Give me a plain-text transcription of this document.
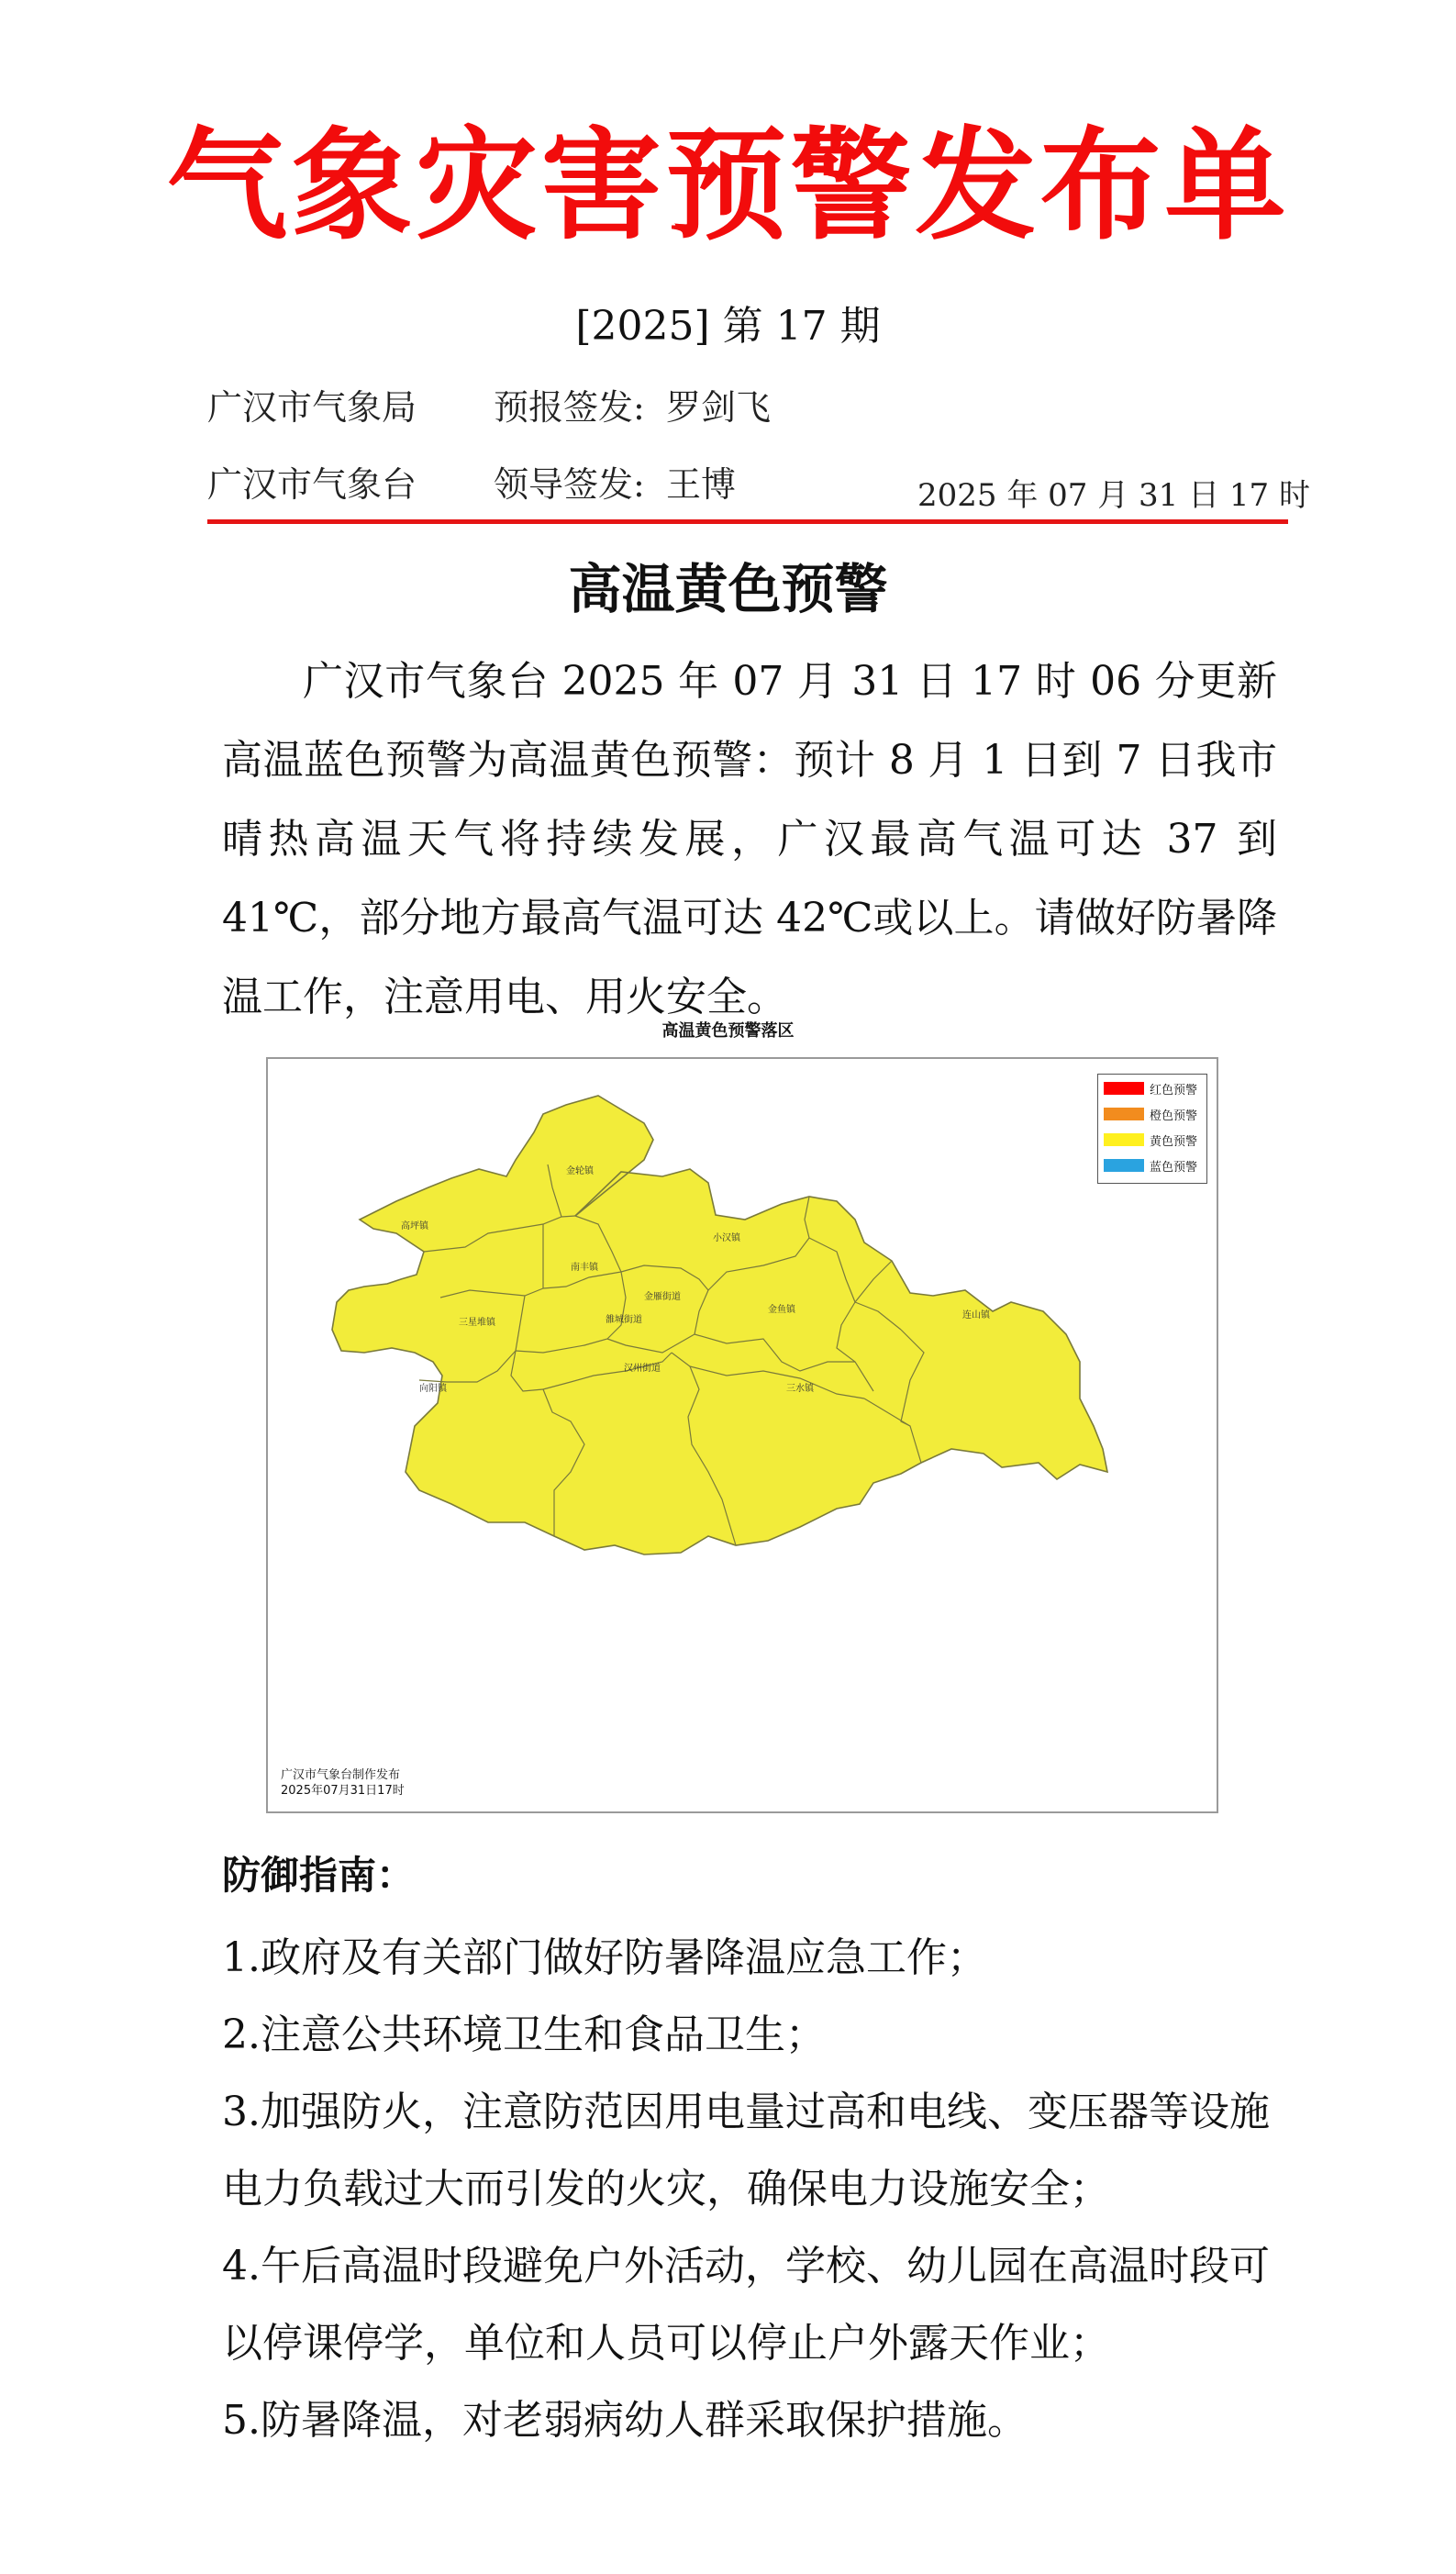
气象灾害预警发布单
[2025] 第 17 期
广汉市气象局 预报签发: 罗剑飞
广汉市气象台 领导签发: 王博	2025 年 07 月 31 日 17 时
高温黄色预警
广汉市气象台 2025 年 07 月 31 日 17 时 06 分更新高温蓝色预警为高温黄色预警：预计 8 月 1 日到 7 日我市晴热高温天气将持续发展，广汉最高气温可达 37 到 41℃，部分地方最高气温可达 42℃或以上。请做好防暑降温工作，注意用电、用火安全。
高温黄色预警落区
金轮镇
高坪镇
小汉镇
南丰镇
金雁街道
金鱼镇
连山镇
三星堆镇	雒城街道
向阳镇
汉州街道
三水镇
红色预警
橙色预警
黄色预警
蓝色预警
广汉市气象台制作发布
2025年07月31日17时
防御指南：
1.政府及有关部门做好防暑降温应急工作；
2.注意公共环境卫生和食品卫生；
3.加强防火，注意防范因用电量过高和电线、变压器等设施电力负载过大而引发的火灾，确保电力设施安全；
4.午后高温时段避免户外活动，学校、幼儿园在高温时段可以停课停学，单位和人员可以停止户外露天作业；
5.防暑降温，对老弱病幼人群采取保护措施。
